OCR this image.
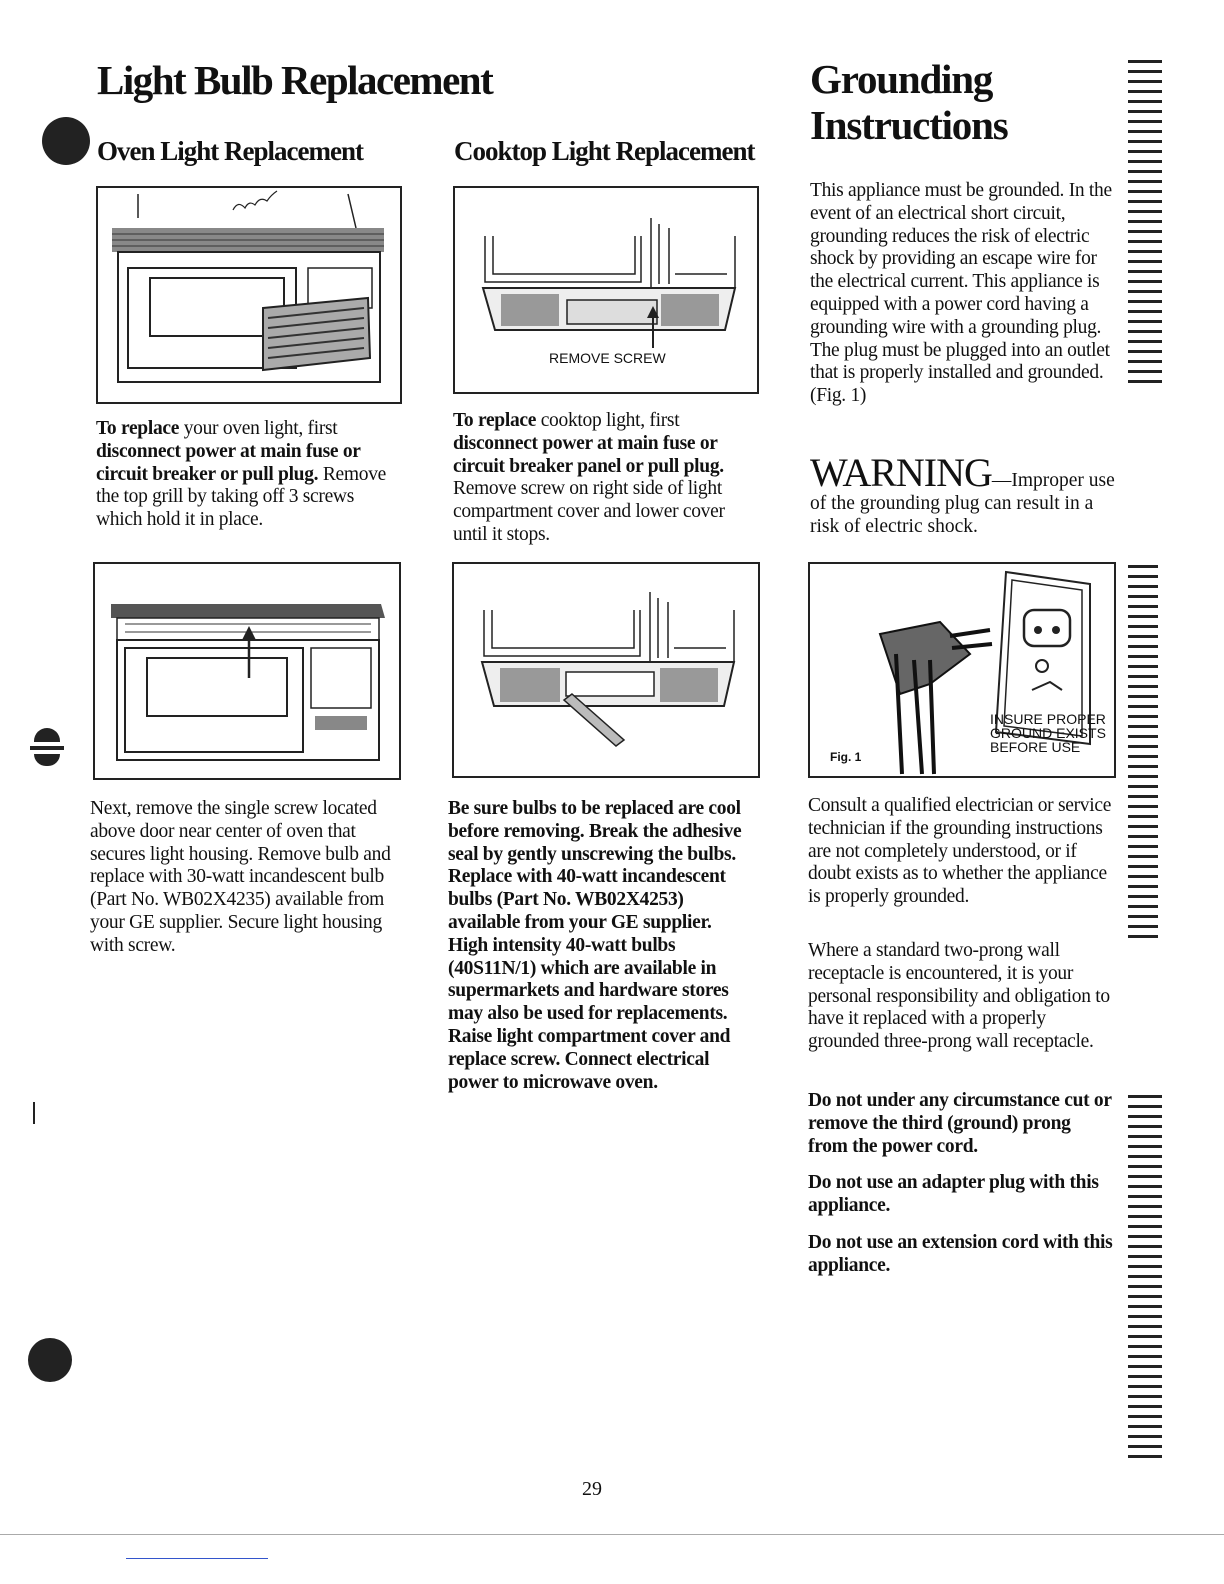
Light Bulb Replacement	Grounding Instructions
Oven Light Replacement	Cooktop Light Replacement
REMOVE SCREW
To replace your oven light, first disconnect power at main fuse or circuit breaker or pull plug. Remove the top grill by taking off 3 screws which hold it in place.
To replace cooktop light, first disconnect power at main fuse or circuit breaker panel or pull plug. Remove screw on right side of light compartment cover and lower cover until it stops.
This appliance must be grounded. In the event of an electrical short circuit, grounding reduces the risk of electric shock by providing an escape wire for the electrical current. This appliance is equipped with a power cord having a grounding wire with a grounding plug. The plug must be plugged into an outlet that is properly installed and grounded. (Fig. 1)
WARNING—Improper use of the grounding plug can result in a risk of electric shock.
Fig. 1
INSURE PROPER GROUND EXISTS BEFORE USE
Next, remove the single screw located above door near center of oven that secures light housing. Remove bulb and replace with 30-watt incandescent bulb (Part No. WB02X4235) available from your GE supplier. Secure light housing with screw.
Be sure bulbs to be replaced are cool before removing. Break the adhesive seal by gently unscrewing the bulbs. Replace with 40-watt incandescent bulbs (Part No. WB02X4253) available from your GE supplier. High intensity 40-watt bulbs (40S11N/1) which are available in supermarkets and hardware stores may also be used for replacements. Raise light compartment cover and replace screw. Connect electrical power to microwave oven.
Consult a qualified electrician or service technician if the grounding instructions are not completely understood, or if doubt exists as to whether the appliance is properly grounded.
Where a standard two-prong wall receptacle is encountered, it is your personal responsibility and obligation to have it replaced with a properly grounded three-prong wall receptacle.
Do not under any circumstance cut or remove the third (ground) prong from the power cord.
Do not use an adapter plug with this appliance.
Do not use an extension cord with this appliance.
29
